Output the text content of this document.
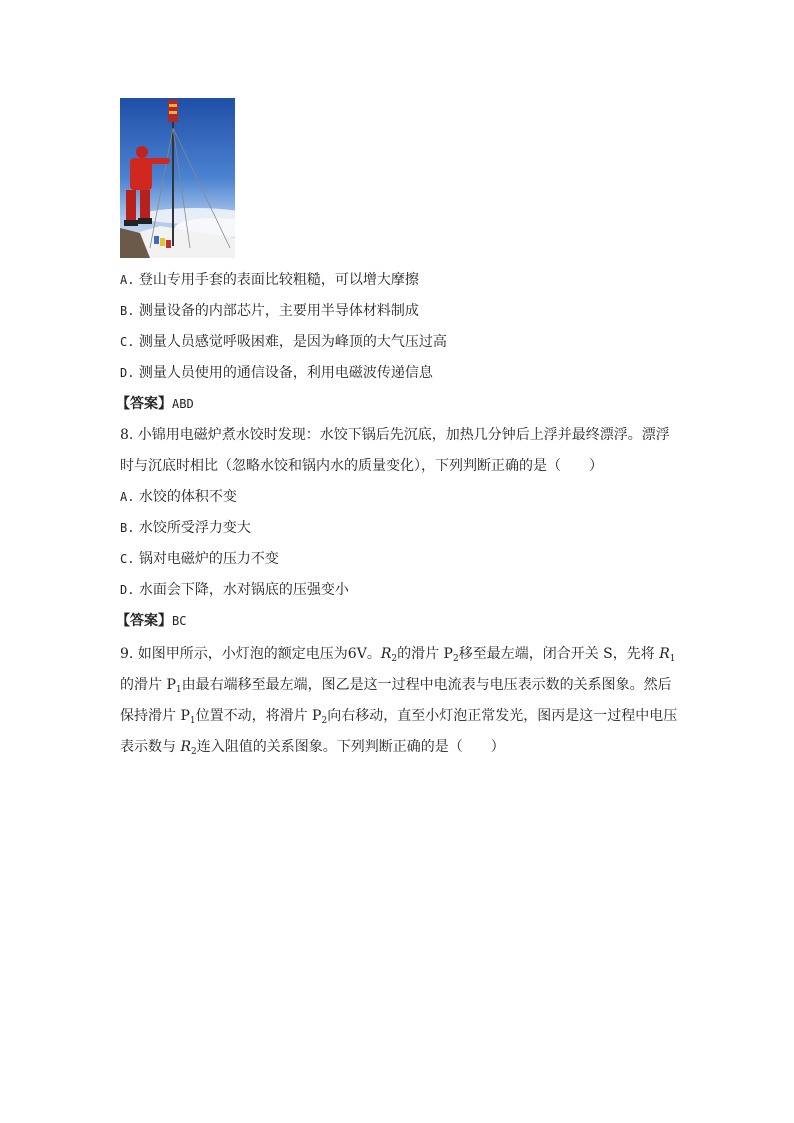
A. 登山专用手套的表面比较粗糙，可以增大摩擦
B. 测量设备的内部芯片，主要用半导体材料制成
C. 测量人员感觉呼吸困难，是因为峰顶的大气压过高
D. 测量人员使用的通信设备，利用电磁波传递信息
【答案】ABD
8. 小锦用电磁炉煮水饺时发现：水饺下锅后先沉底，加热几分钟后上浮并最终漂浮。漂浮
时与沉底时相比（忽略水饺和锅内水的质量变化），下列判断正确的是（　　）
A. 水饺的体积不变
B. 水饺所受浮力变大
C. 锅对电磁炉的压力不变
D. 水面会下降，水对锅底的压强变小
【答案】BC
9. 如图甲所示，小灯泡的额定电压为6V。$R_2$的滑片 $P_2$移至最左端，闭合开关 S，先将 $R_1$
的滑片 $P_1$由最右端移至最左端，图乙是这一过程中电流表与电压表示数的关系图象。然后
保持滑片 $P_1$位置不动，将滑片 $P_2$向右移动，直至小灯泡正常发光，图丙是这一过程中电压
表示数与 $R_2$连入阻值的关系图象。下列判断正确的是（　　）
